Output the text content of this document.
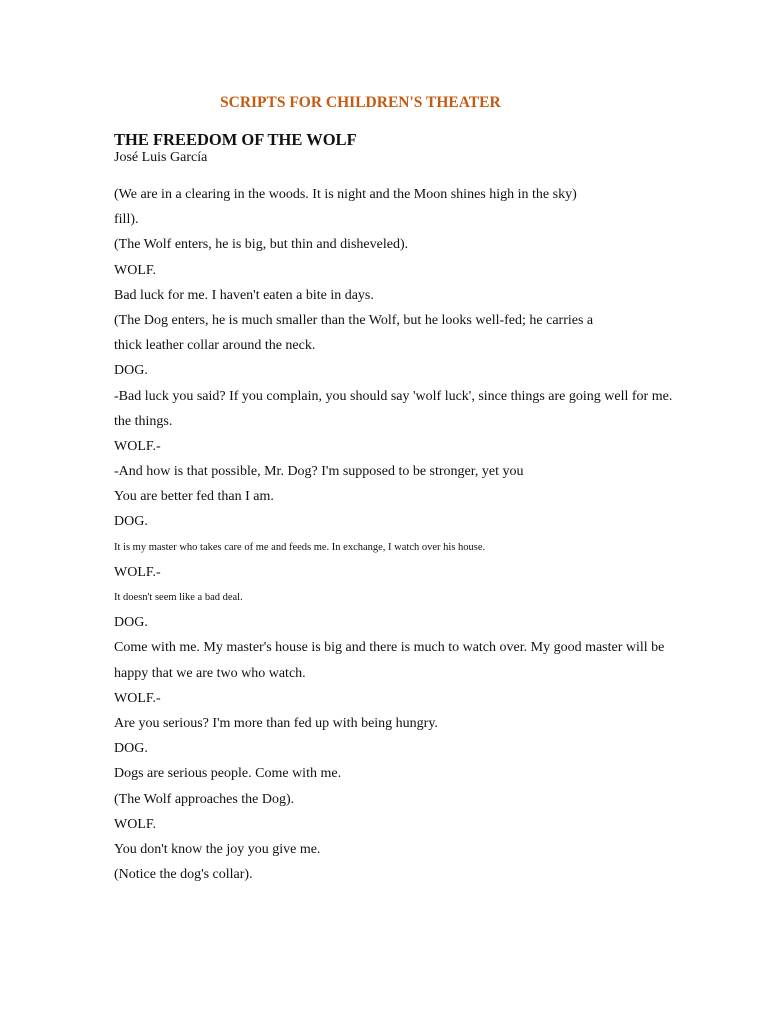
SCRIPTS FOR CHILDREN'S THEATER
THE FREEDOM OF THE WOLF
José Luis García
(We are in a clearing in the woods. It is night and the Moon shines high in the sky)
fill).
(The Wolf enters, he is big, but thin and disheveled).
WOLF.
Bad luck for me. I haven't eaten a bite in days.
(The Dog enters, he is much smaller than the Wolf, but he looks well-fed; he carries a
thick leather collar around the neck.
DOG.
-Bad luck you said? If you complain, you should say 'wolf luck', since things are going well for me.
the things.
WOLF.-
-And how is that possible, Mr. Dog? I'm supposed to be stronger, yet you
You are better fed than I am.
DOG.
It is my master who takes care of me and feeds me. In exchange, I watch over his house.
WOLF.-
It doesn't seem like a bad deal.
DOG.
Come with me. My master's house is big and there is much to watch over. My good master will be
happy that we are two who watch.
WOLF.-
Are you serious? I'm more than fed up with being hungry.
DOG.
Dogs are serious people. Come with me.
(The Wolf approaches the Dog).
WOLF.
You don't know the joy you give me.
(Notice the dog's collar).
